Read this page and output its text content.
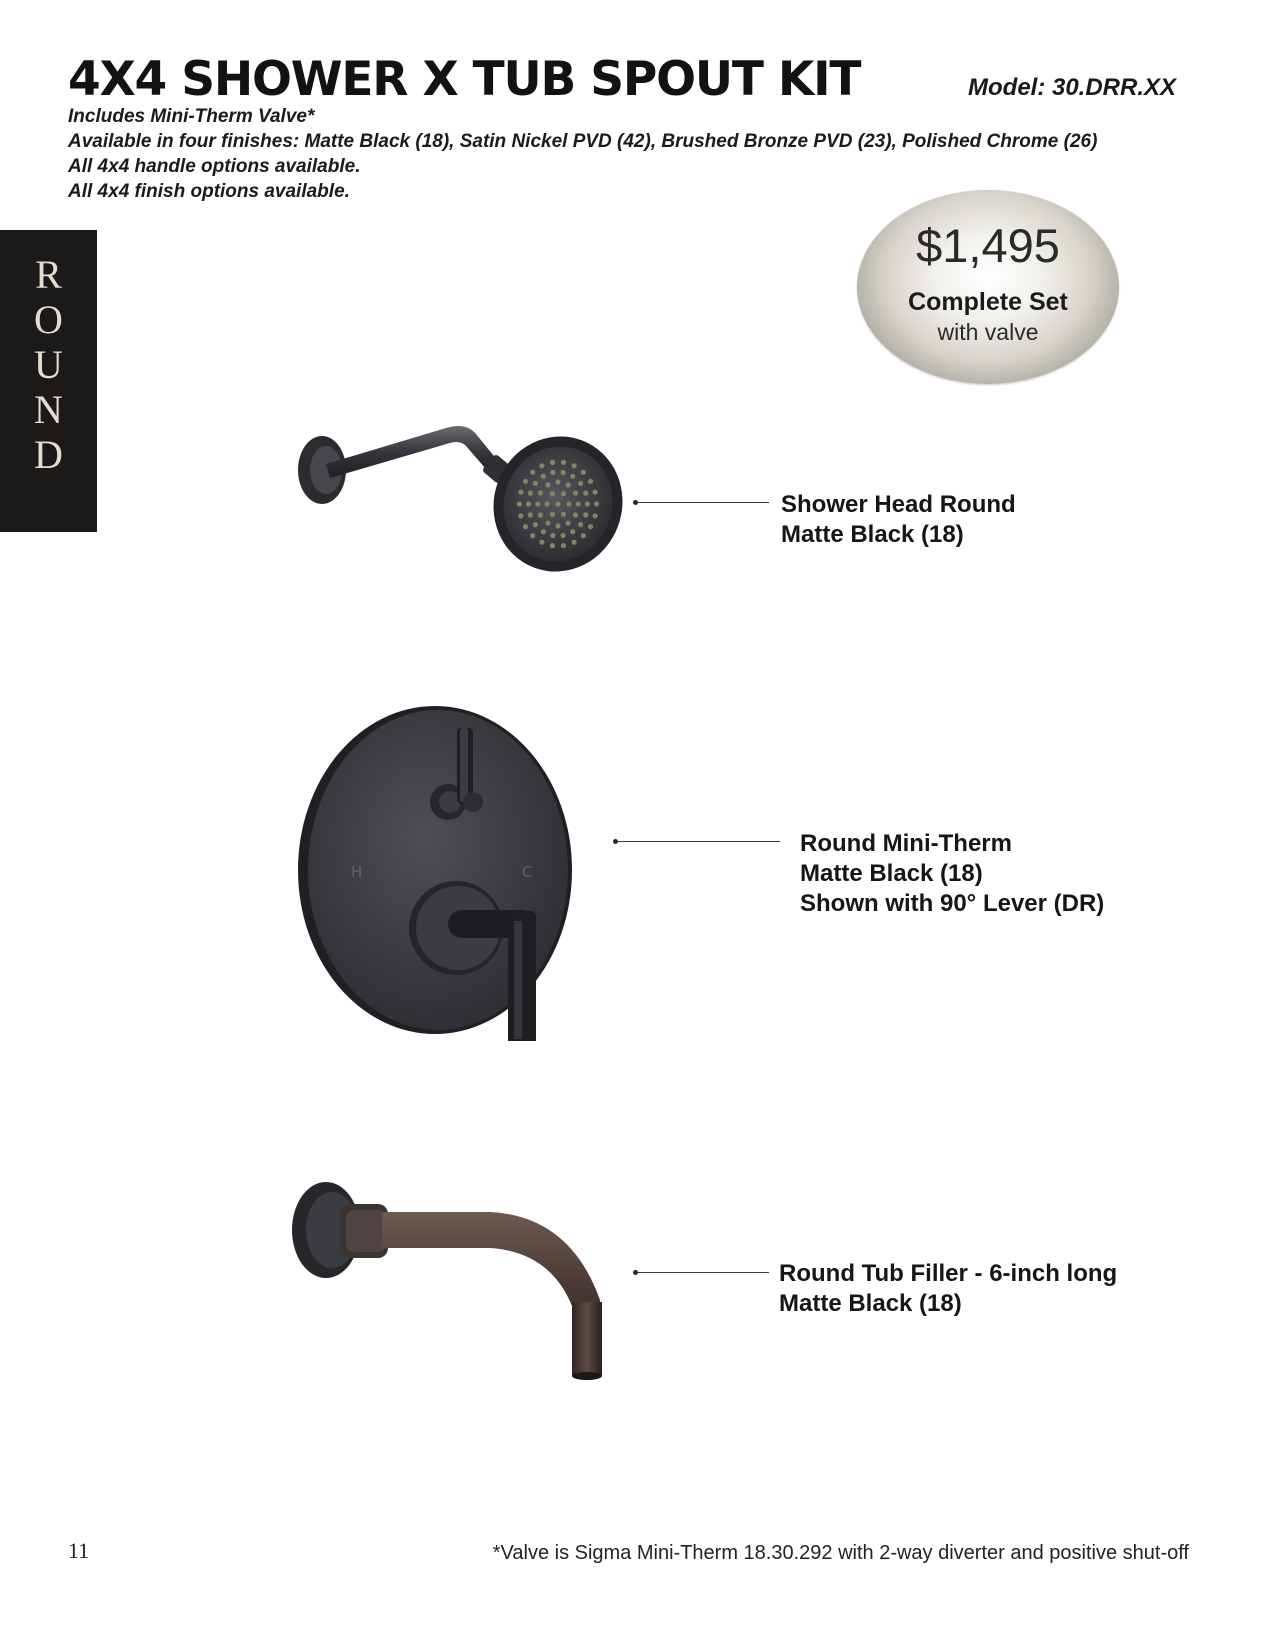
4X4 SHOWER X TUB SPOUT KIT	Model: 30.DRR.XX
Includes Mini-Therm Valve*
Available in four finishes: Matte Black (18), Satin Nickel PVD (42), Brushed Bronze PVD (23), Polished Chrome (26)
All 4x4 handle options available.
All 4x4 finish options available.
R
O
U
N
D
$1,495
Complete Set
with valve
Shower Head Round
Matte Black (18)
H	C
Round Mini-Therm
Matte Black (18)
Shown with 90° Lever (DR)
Round Tub Filler - 6-inch long
Matte Black (18)
11	*Valve is Sigma Mini-Therm 18.30.292 with 2-way diverter and positive shut-off
